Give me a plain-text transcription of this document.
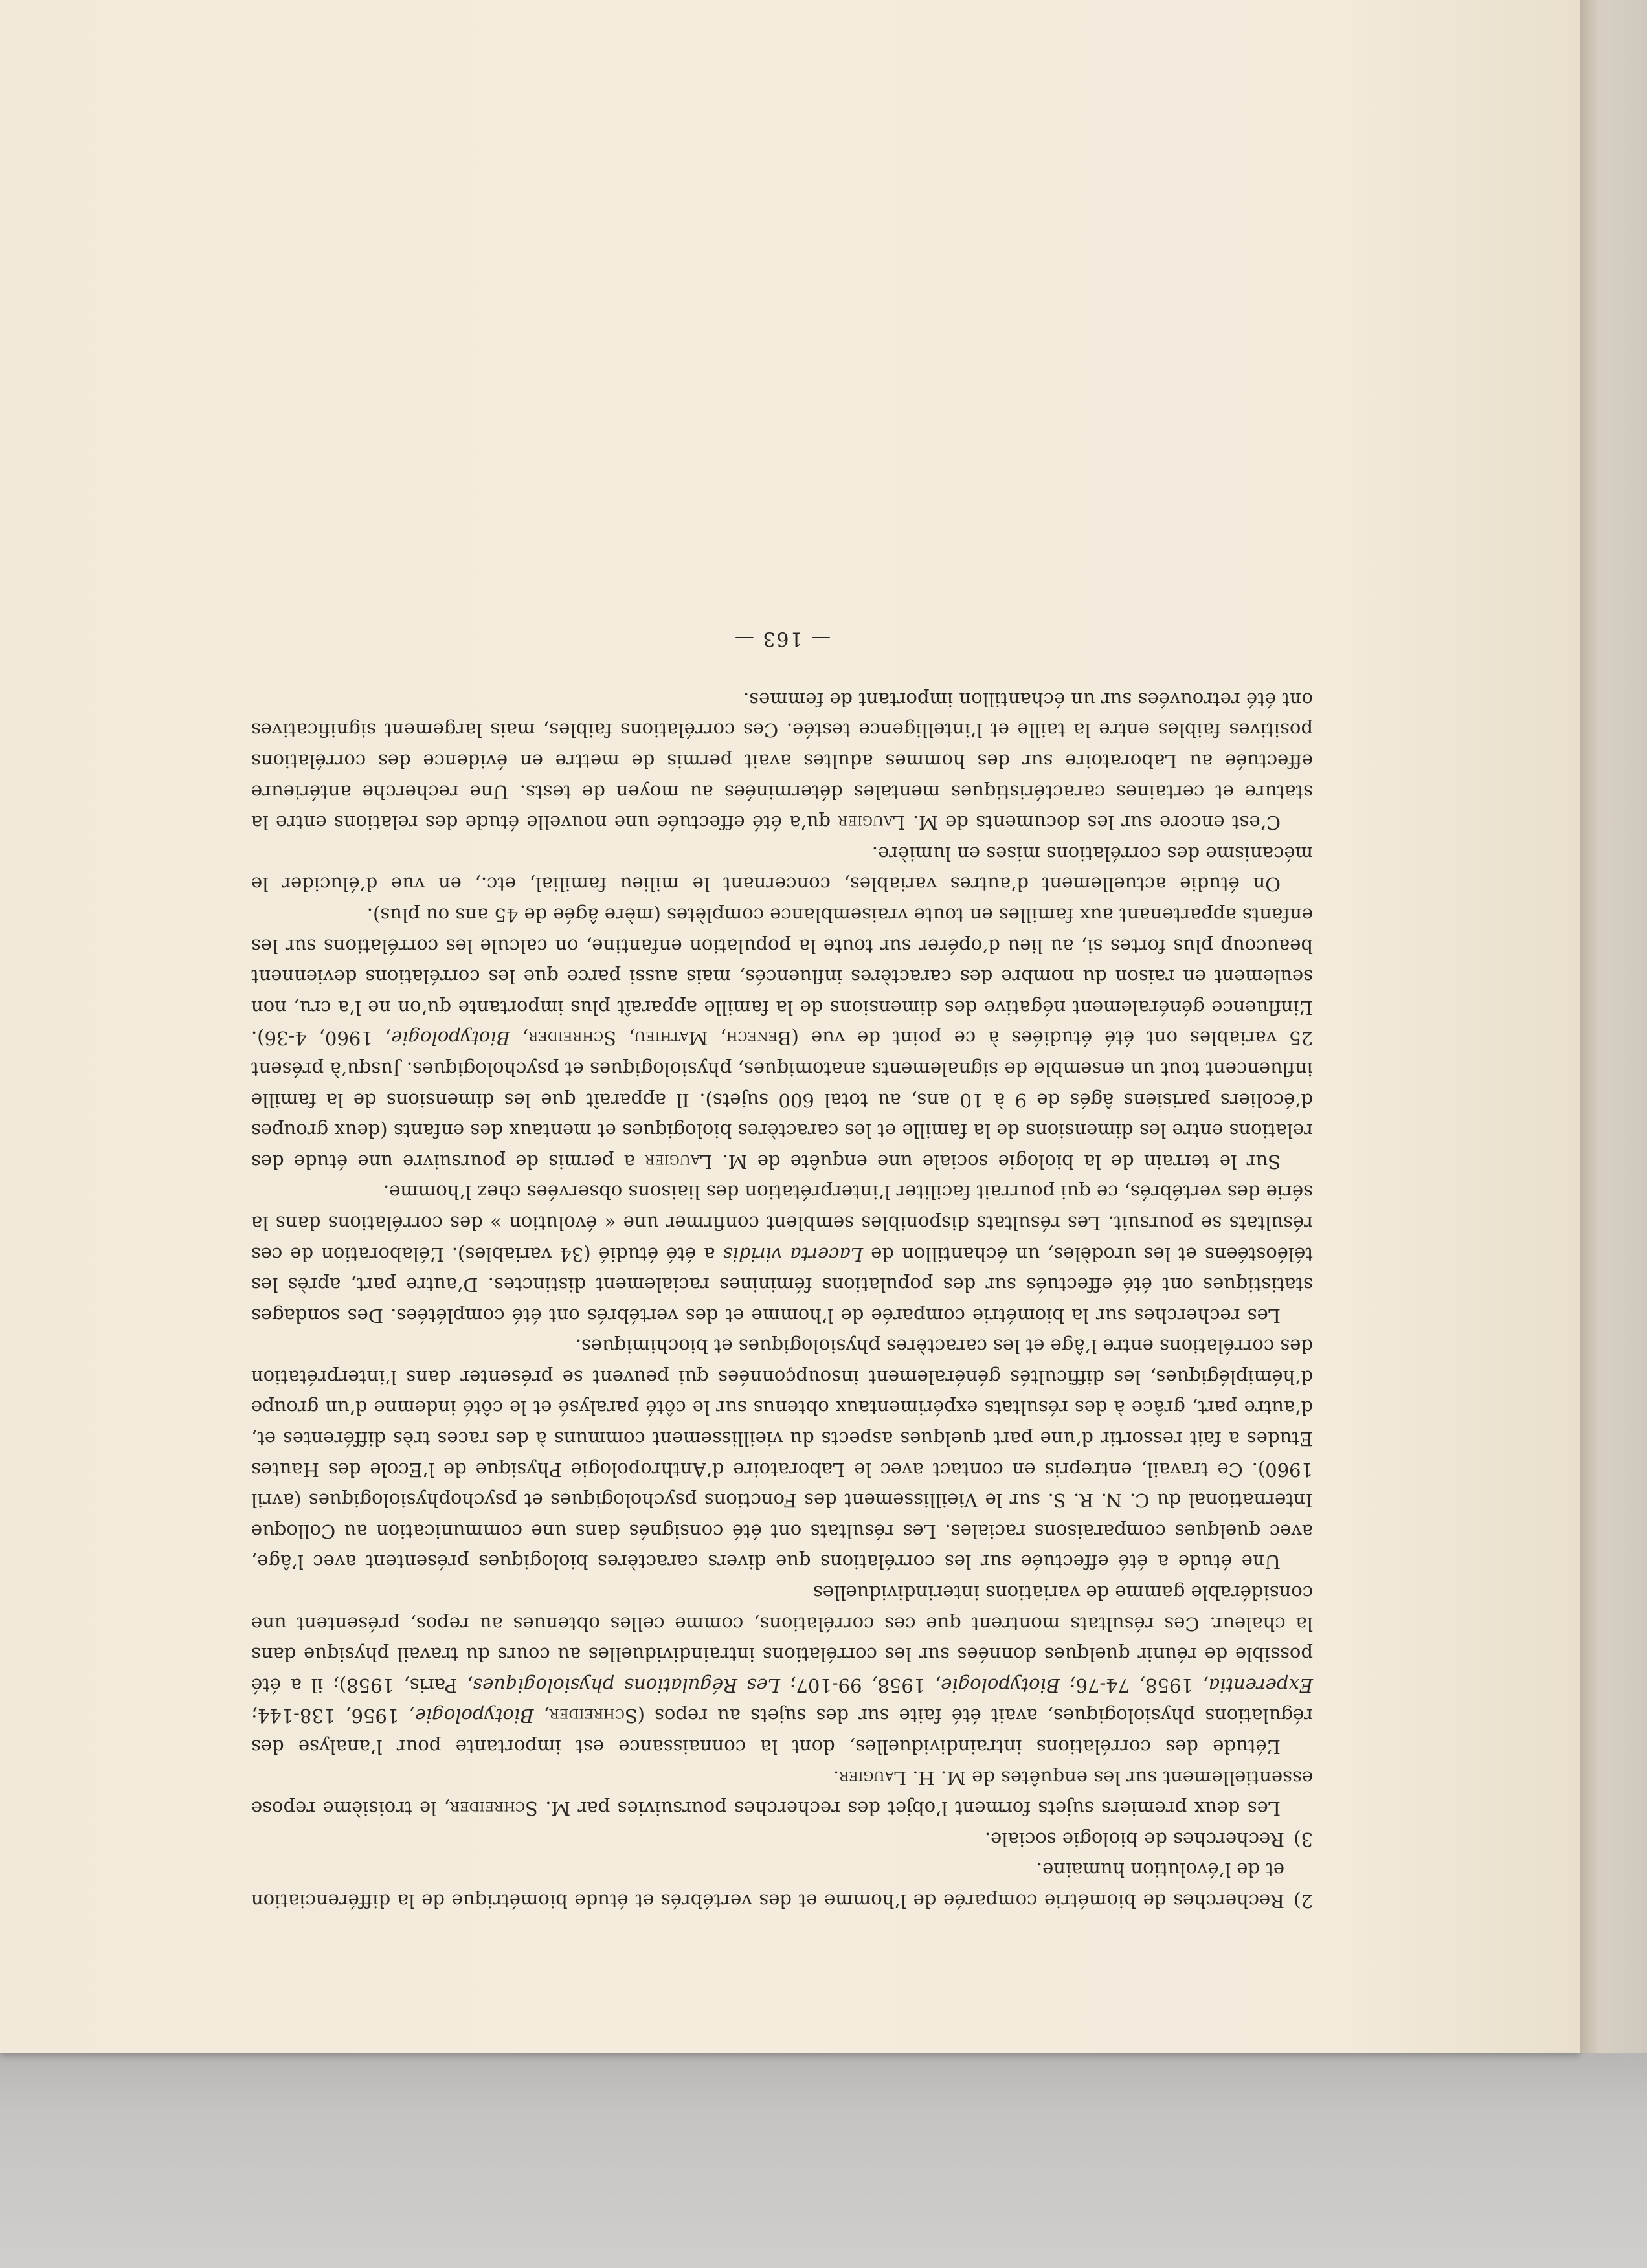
2)Recherches de biométrie comparée de l’homme et des vertébrés et étude biométrique de la différenciation et de l’évolution humaine.

3)Recherches de biologie sociale.

Les deux premiers sujets forment l’objet des recherches poursuivies par M. Schreider, le troisième repose essentiellement sur les enquêtes de M. H. Laugier.

L’étude des corrélations intraindividuelles, dont la connaissance est importante pour l’analyse des régulations physiologiques, avait été faite sur des sujets au repos (Schreider, Biotypologie, 1956, 138-144; Experentia, 1958, 74-76; Biotypologie, 1958, 99-107; Les Régulations physiologiques, Paris, 1958); il a été possible de réunir quelques données sur les corrélations intraindividuelles au cours du travail physique dans la chaleur. Ces résultats montrent que ces corrélations, comme celles obtenues au repos, présentent une considérable gamme de variations interindividuelles

Une étude a été effectuée sur les corrélations que divers caractères biologiques présentent avec l’âge, avec quelques comparaisons raciales. Les résultats ont été consignés dans une communication au Colloque International du C. N. R. S. sur le Vieillissement des Fonctions psychologiques et psychophysiologiques (avril 1960). Ce travail, entrepris en contact avec le Laboratoire d’Anthropologie Physique de l’Ecole des Hautes Etudes a fait ressortir d’une part quelques aspects du vieillissement communs à des races très différentes et, d’autre part, grâce à des résultats expérimentaux obtenus sur le côté paralysé et le côté indemne d’un groupe d’hémiplégiques, les difficultés généralement insoupçonnées qui peuvent se présenter dans l’interprétation des corrélations entre l’âge et les caractères physiologiques et biochimiques.

Les recherches sur la biométrie comparée de l’homme et des vertébrés ont été complétées. Des sondages statistiques ont été effectués sur des populations féminines racialement distinctes. D’autre part, après les téléostéens et les urodèles, un échantillon de Lacerta viridis a été étudié (34 variables). L’élaboration de ces résultats se poursuit. Les résultats disponibles semblent confirmer une « évolution » des corrélations dans la série des vertébrés, ce qui pourrait faciliter l’interprétation des liaisons observées chez l’homme.

Sur le terrain de la biologie sociale une enquête de M. Laugier a permis de poursuivre une étude des relations entre les dimensions de la famille et les caractères biologiques et mentaux des enfants (deux groupes d’écoliers parisiens âgés de 9 à 10 ans, au total 600 sujets). Il apparaît que les dimensions de la famille influencent tout un ensemble de signalements anatomiques, physiologiques et psychologiques. Jusqu’à présent 25 variables ont été étudiées à ce point de vue (Benech, Mathieu, Schreider, Biotypologie, 1960, 4-36). L’influence généralement négative des dimensions de la famille apparaît plus importante qu’on ne l’a cru, non seulement en raison du nombre des caractères influencés, mais aussi parce que les corrélations deviennent beaucoup plus fortes si, au lieu d’opérer sur toute la population enfantine, on calcule les corrélations sur les enfants appartenant aux familles en toute vraisemblance complètes (mère âgée de 45 ans ou plus).

On étudie actuellement d’autres variables, concernant le milieu familial, etc., en vue d’élucider le mécanisme des corrélations mises en lumière.

C’est encore sur les documents de M. Laugier qu’a été effectuée une nouvelle étude des relations entre la stature et certaines caractéristiques mentales déterminées au moyen de tests. Une recherche antérieure effectuée au Laboratoire sur des hommes adultes avait permis de mettre en évidence des corrélations positives faibles entre la taille et l’intelligence testée. Ces corrélations faibles, mais largement significatives ont été retrouvées sur un échantillon important de femmes.

— 163 —
